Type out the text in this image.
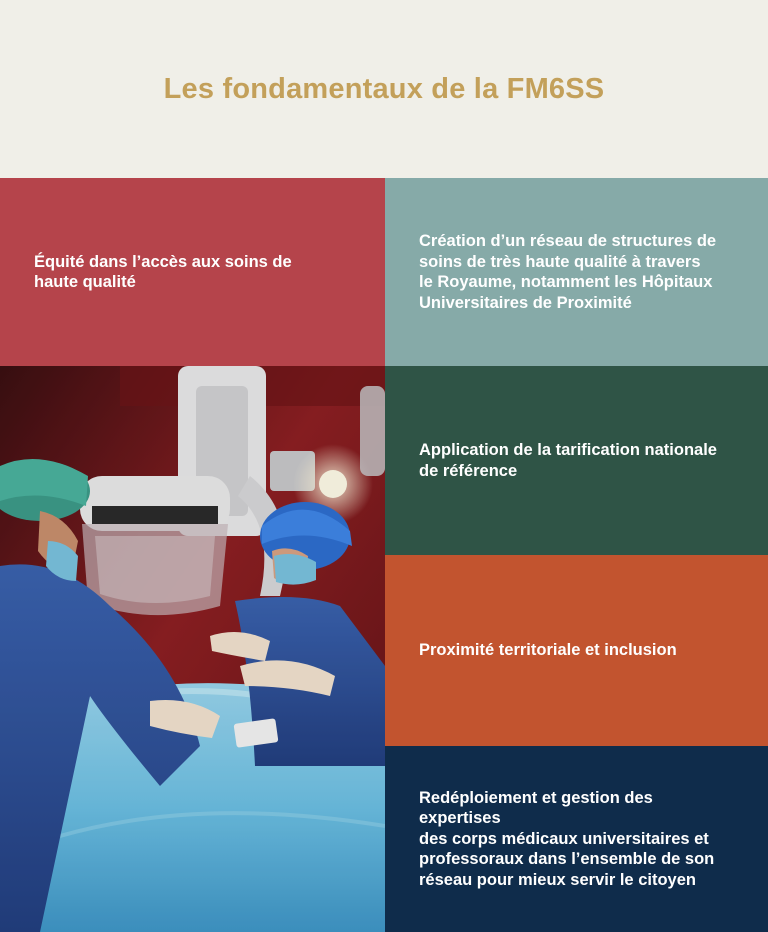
Les fondamentaux de la FM6SS

Équité dans l’accès aux soins de
haute qualité

Création d’un réseau de structures de
soins de très haute qualité à travers
le Royaume, notamment les Hôpitaux
Universitaires de Proximité

Application de la tarification nationale
de référence

Proximité territoriale et inclusion

Redéploiement et gestion des expertises
des corps médicaux universitaires et
professoraux dans l’ensemble de son
réseau pour mieux servir le citoyen
